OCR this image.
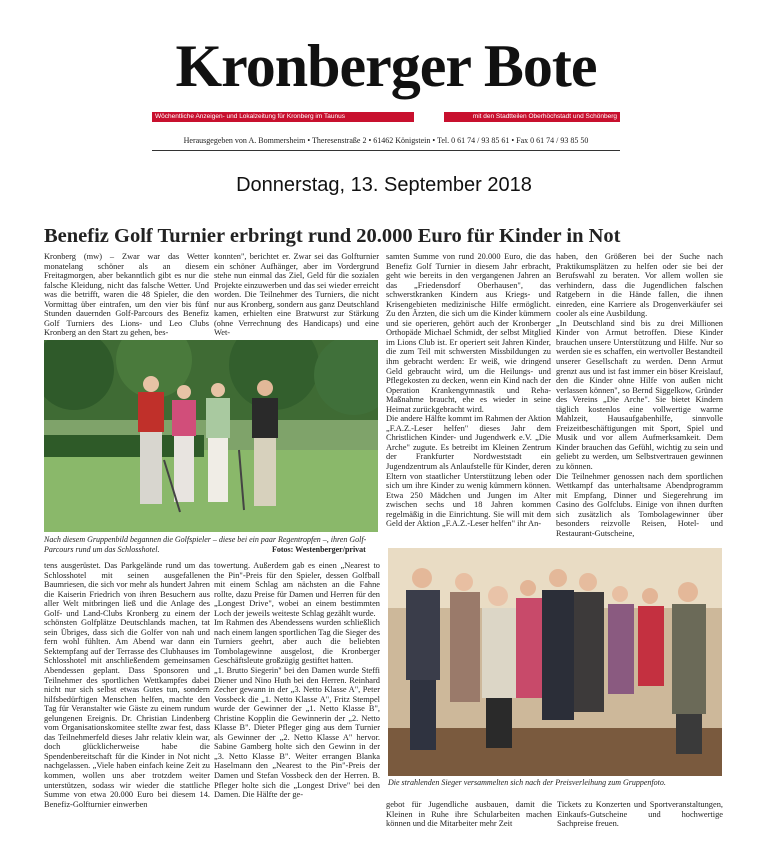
Kronberger Bote
Wöchentliche Anzeigen- und Lokalzeitung für Kronberg im Taunus	mit den Stadtteilen Oberhöchstadt und Schönberg
Herausgegeben von A. Bommersheim • Theresenstraße 2 • 61462 Königstein • Tel. 0 61 74 / 93 85 61 • Fax 0 61 74 / 93 85 50
Donnerstag, 13. September 2018
Benefiz Golf Turnier erbringt rund 20.000 Euro für Kinder in Not
Kronberg (mw) – Zwar war das Wetter monatelang schöner als an diesem Freitagmorgen, aber bekanntlich gibt es nur die falsche Kleidung, nicht das falsche Wetter. Und was die betrifft, waren die 48 Spieler, die den Vormittag über eintrafen, um den vier bis fünf Stunden dauernden Golf-Parcours des Benefiz Golf Turniers des Lions- und Leo Clubs Kronberg an den Start zu gehen, bes-
konnten", berichtet er. Zwar sei das Golfturnier ein schöner Aufhänger, aber im Vordergrund stehe nun einmal das Ziel, Geld für die sozialen Projekte einzuwerben und das sei wieder erreicht worden. Die Teilnehmer des Turniers, die nicht nur aus Kronberg, sondern aus ganz Deutschland kamen, erhielten eine Bratwurst zur Stärkung (ohne Verrechnung des Handicaps) und eine Wet-
samten Summe von rund 20.000 Euro, die das Benefiz Golf Turnier in diesem Jahr erbracht, geht wie bereits in den vergangenen Jahren an das „Friedensdorf Oberhausen", das schwerstkranken Kindern aus Kriegs- und Krisengebieten medizinische Hilfe ermöglicht. Zu den Ärzten, die sich um die Kinder kümmern und sie operieren, gehört auch der Kronberger Orthopäde Michael Schmidt, der selbst Mitglied im Lions Club ist. Er operiert seit Jahren Kinder, die zum Teil mit schwersten Missbildungen zu ihm gebracht werden: Er weiß, wie dringend Geld gebraucht wird, um die Heilungs- und Pflegekosten zu decken, wenn ein Kind nach der Operation Krankengymnastik und Reha-Maßnahme braucht, ehe es wieder in seine Heimat zurückgebracht wird.
Die andere Hälfte kommt im Rahmen der Aktion „F.A.Z.-Leser helfen" dieses Jahr dem Christlichen Kinder- und Jugendwerk e.V. „Die Arche" zugute. Es betreibt im Kleinen Zentrum der Frankfurter Nordweststadt ein Jugendzentrum als Anlaufstelle für Kinder, deren Eltern von staatlicher Unterstützung leben oder sich um ihre Kinder zu wenig kümmern können. Etwa 250 Mädchen und Jungen im Alter zwischen sechs und 18 Jahren kommen regelmäßig in die Einrichtung. Sie will mit dem Geld der Aktion „F.A.Z.-Leser helfen" ihr An-
haben, den Größeren bei der Suche nach Praktikumsplätzen zu helfen oder sie bei der Berufswahl zu beraten. Vor allem wollen sie verhindern, dass die Jugendlichen falschen Ratgebern in die Hände fallen, die ihnen einreden, eine Karriere als Drogenverkäufer sei cooler als eine Ausbildung.
„In Deutschland sind bis zu drei Millionen Kinder von Armut betroffen. Diese Kinder brauchen unsere Unterstützung und Hilfe. Nur so werden sie es schaffen, ein wertvoller Bestandteil unserer Gesellschaft zu werden. Denn Armut grenzt aus und ist fast immer ein böser Kreislauf, den die Kinder ohne Hilfe von außen nicht verlassen können", so Bernd Siggelkow, Gründer des Vereins „Die Arche". Sie bietet Kindern täglich kostenlos eine vollwertige warme Mahlzeit, Hausaufgabenhilfe, sinnvolle Freizeitbeschäftigungen mit Sport, Spiel und Musik und vor allem Aufmerksamkeit. Dem Kinder brauchen das Gefühl, wichtig zu sein und geliebt zu werden, um Selbstvertrauen gewinnen zu können.
Die Teilnehmer genossen nach dem sportlichen Wettkampf das unterhaltsame Abendprogramm mit Empfang, Dinner und Siegerehrung im Casino des Golfclubs. Einige von ihnen durften sich zusätzlich als Tombolagewinner über besonders reizvolle Reisen, Hotel- und Restaurant-Gutscheine,
Nach diesem Gruppenbild begannen die Golfspieler – diese bei ein paar Regentropfen –, ihren Golf-Parcours rund um das Schlosshotel.	Fotos: Westenberger/privat
tens ausgerüstet. Das Parkgelände rund um das Schlosshotel mit seinen ausgefallenen Baumriesen, die sich vor mehr als hundert Jahren die Kaiserin Friedrich von ihren Besuchern aus aller Welt mitbringen ließ und die Anlage des Golf- und Land-Clubs Kronberg zu einem der schönsten Golfplätze Deutschlands machen, tat sein Übriges, dass sich die Golfer von nah und fern wohl fühlten. Am Abend war dann ein Sektempfang auf der Terrasse des Clubhauses im Schlosshotel mit anschließendem gemeinsamen Abendessen geplant. Dass Sponsoren und Teilnehmer des sportlichen Wettkampfes dabei nicht nur sich selbst etwas Gutes tun, sondern hilfsbedürftigen Menschen helfen, machte den Tag für Veranstalter wie Gäste zu einem rundum gelungenen Ereignis. Dr. Christian Lindenberg vom Organisationskomitee stellte zwar fest, dass das Teilnehmerfeld dieses Jahr relativ klein war, doch glücklicherweise habe die Spendenbereitschaft für die Kinder in Not nicht nachgelassen. „Viele haben einfach keine Zeit zu kommen, wollen uns aber trotzdem weiter unterstützen, sodass wir wieder die stattliche Summe von etwa 20.000 Euro bei diesem 14. Benefiz-Golfturnier einwerben
towertung. Außerdem gab es einen „Nearest to the Pin"-Preis für den Spieler, dessen Golfball mit einem Schlag am nächsten an die Fahne rollte, dazu Preise für Damen und Herren für den „Longest Drive", wobei an einem bestimmten Loch der jeweils weiteste Schlag gezählt wurde.
Im Rahmen des Abendessens wurden schließlich nach einem langen sportlichen Tag die Sieger des Turniers geehrt, aber auch die beliebten Tombolagewinne ausgelost, die Kronberger Geschäftsleute großzügig gestiftet hatten.
„1. Brutto Siegerin" bei den Damen wurde Steffi Diener und Nino Huth bei den Herren. Reinhard Zecher gewann in der „3. Netto Klasse A", Peter Vossbeck die „1. Netto Klasse A", Fritz Stempel wurde der Gewinner der „1. Netto Klasse B", Christine Kopplin die Gewinnerin der „2. Netto Klasse B". Dieter Pfleger ging aus dem Turnier als Gewinner der „2. Netto Klasse A" hervor. Sabine Gamberg holte sich den Gewinn in der „3. Netto Klasse B". Weiter errangen Blanka Haselmann den „Nearest to the Pin"-Preis der Damen und Stefan Vossbeck den der Herren. B. Pfleger holte sich die „Longest Drive" bei den Damen. Die Hälfte der ge-
Die strahlenden Sieger versammelten sich nach der Preisverleihung zum Gruppenfoto.
gebot für Jugendliche ausbauen, damit die Kleinen in Ruhe ihre Schularbeiten machen können und die Mitarbeiter mehr Zeit
Tickets zu Konzerten und Sportveranstaltungen, Einkaufs-Gutscheine und hochwertige Sachpreise freuen.
